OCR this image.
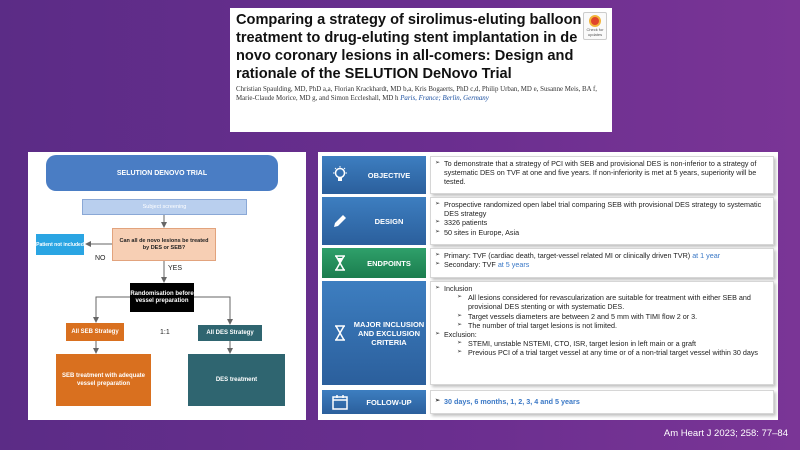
Comparing a strategy of sirolimus-eluting balloon treatment to drug-eluting stent implantation in de novo coronary lesions in all-comers: Design and rationale of the SELUTION DeNovo Trial
Christian Spaulding, MD, PhD a,a, Florian Krackhardt, MD b,a, Kris Bogaerts, PhD c,d, Philip Urban, MD e, Susanne Meis, BA f, Marie-Claude Morice, MD g, and Simon Eccleshall, MD h Paris, France; Berlin, Germany
Check for updates
SELUTION DENOVO TRIAL
Subject screening
Patient not included
Can all de novo lesions be treated by DES or SEB?
NO
YES
Randomisation before vessel preparation
All SEB Strategy	1:1	All DES Strategy
SEB treatment with adequate vessel preparation
DES treatment
OBJECTIVE
➢ To demonstrate that a strategy of PCI with SEB and provisional DES is non-inferior to a strategy of systematic DES on TVF at one and five years. If non-inferiority is met at 5 years, superiority will be tested.
DESIGN
➢ Prospective randomized open label trial comparing SEB with provisional DES strategy to systematic DES strategy
➢ 3326 patients
➢ 50 sites in Europe, Asia
ENDPOINTS
➢ Primary: TVF (cardiac death, target-vessel related MI or clinically driven TVR) at 1 year
➢ Secondary: TVF at 5 years
MAJOR INCLUSION AND EXCLUSION CRITERIA
➢ Inclusion
➢ All lesions considered for revascularization are suitable for treatment with either SEB and provisional DES stenting or with systematic DES.
➢ Target vessels diameters are between 2 and 5 mm with TIMI flow 2 or 3.
➢ The number of trial target lesions is not limited.
➢ Exclusion:
➢ STEMI, unstable NSTEMI, CTO, ISR, target lesion in left main or a graft
➢ Previous PCI of a trial target vessel at any time or of a non-trial target vessel within 30 days
FOLLOW-UP	➢ 30 days, 6 months, 1, 2, 3, 4 and 5 years
Am Heart J 2023; 258: 77–84
